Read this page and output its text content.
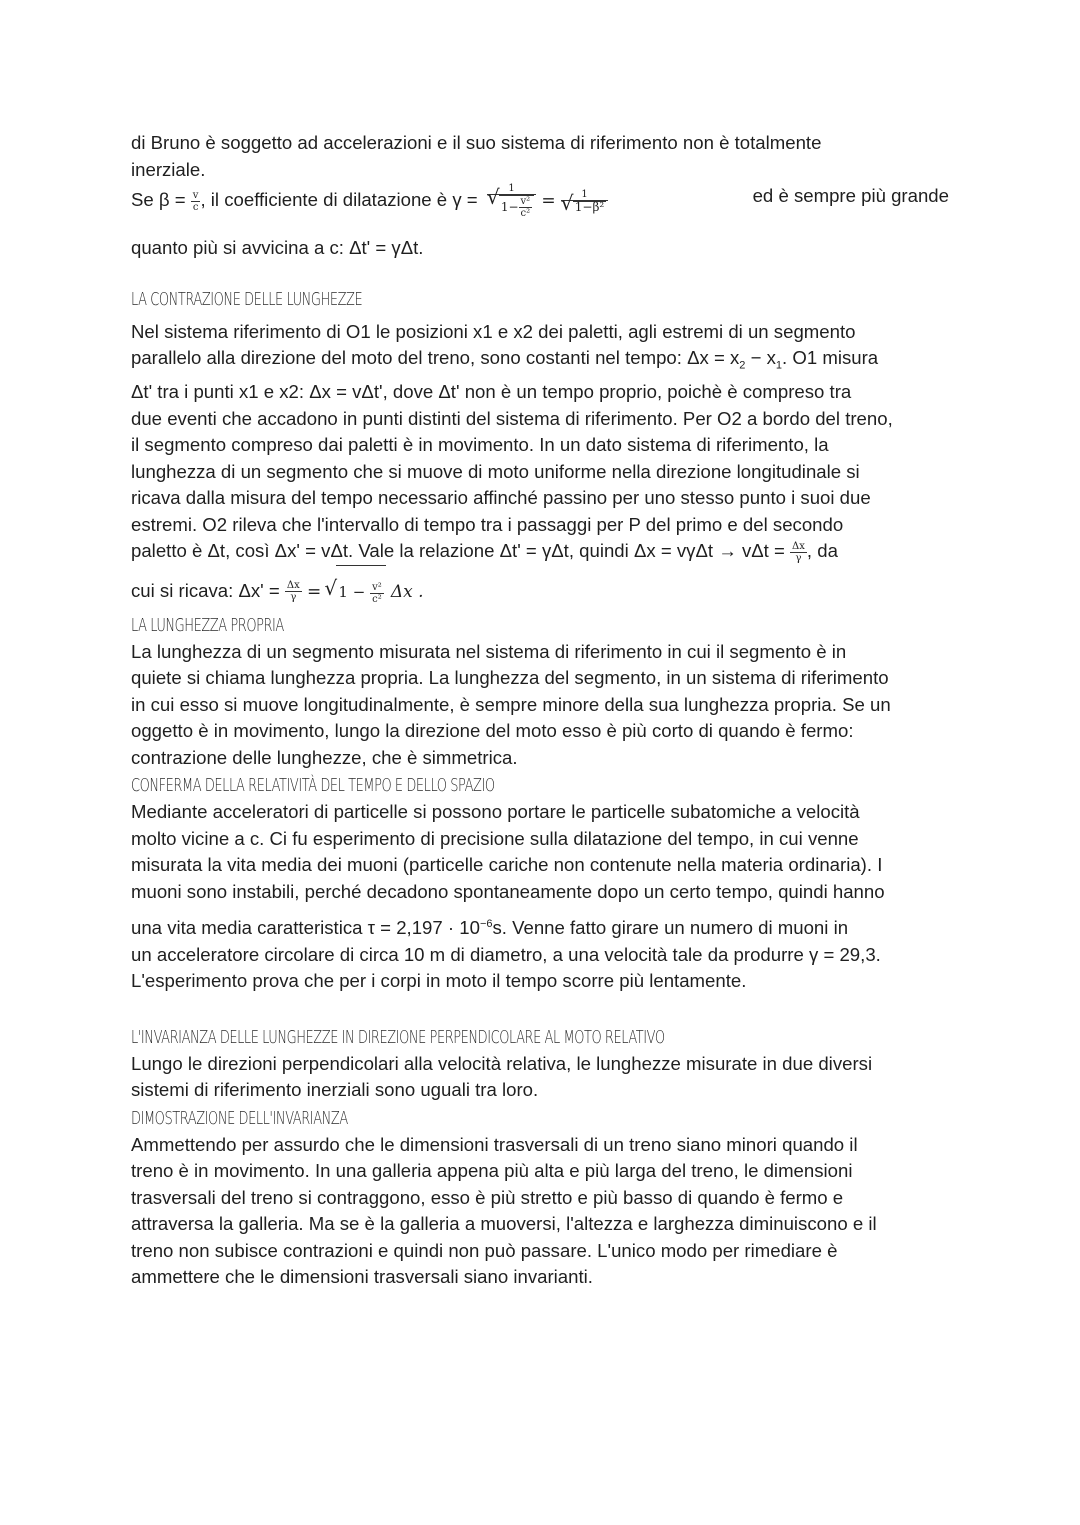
di Bruno è soggetto ad accelerazioni e il suo sistema di riferimento non è totalmente
inerziale.

Se $\beta = \frac{v}{c}$ , il coefficiente di dilatazione è γ = 1
√ $1- \frac{\text{v²}}{\text{c²}} = 1$
√ 1−β²	ed è sempre più grande

quanto più si avvicina a c: Δt' = γΔt.

LA CONTRAZIONE DELLE LUNGHEZZE

Nel sistema riferimento di O1 le posizioni x1 e x2 dei paletti, agli estremi di un segmento
parallelo alla direzione del moto del treno, sono costanti nel tempo: $\Delta x = x_2 - x_1$. O1 misura
Δt' tra i punti x1 e x2: Δx = vΔt', dove Δt' non è un tempo proprio, poichè è compreso tra
due eventi che accadono in punti distinti del sistema di riferimento. Per O2 a bordo del treno,
il segmento compreso dai paletti è in movimento. In un dato sistema di riferimento, la
lunghezza di un segmento che si muove di moto uniforme nella direzione longitudinale si
ricava dalla misura del tempo necessario affinché passino per uno stesso punto i suoi due
estremi. O2 rileva che l'intervallo di tempo tra i passaggi per P del primo e del secondo
paletto è Δt, così Δx' = vΔt. Vale la relazione Δt' = γΔt, quindi $\Delta x = v\gamma\Delta t \to v\Delta t = \frac{\Delta x}{\gamma}$ , da

cui si ricava: $\Delta x' = \frac{\Delta x}{\gamma}$ = √ $1 - \frac{\text{v²}}{\text{c²}}$ Δx .
LA LUNGHEZZA PROPRIA

La lunghezza di un segmento misurata nel sistema di riferimento in cui il segmento è in
quiete si chiama lunghezza propria. La lunghezza del segmento, in un sistema di riferimento
in cui esso si muove longitudinalmente, è sempre minore della sua lunghezza propria. Se un
oggetto è in movimento, lungo la direzione del moto esso è più corto di quando è fermo:
contrazione delle lunghezze, che è simmetrica.

CONFERMA DELLA RELATIVITÀ DEL TEMPO E DELLO SPAZIO

Mediante acceleratori di particelle si possono portare le particelle subatomiche a velocità
molto vicine a c. Ci fu esperimento di precisione sulla dilatazione del tempo, in cui venne
misurata la vita media dei muoni (particelle cariche non contenute nella materia ordinaria). I
muoni sono instabili, perché decadono spontaneamente dopo un certo tempo, quindi hanno
una vita media caratteristica $\tau = 2,197 \cdot 10^{-6}s$. Venne fatto girare un numero di muoni in
un acceleratore circolare di circa 10 m di diametro, a una velocità tale da produrre γ = 29,3.
L'esperimento prova che per i corpi in moto il tempo scorre più lentamente.

L'INVARIANZA DELLE LUNGHEZZE IN DIREZIONE PERPENDICOLARE AL MOTO RELATIVO

Lungo le direzioni perpendicolari alla velocità relativa, le lunghezze misurate in due diversi
sistemi di riferimento inerziali sono uguali tra loro.

DIMOSTRAZIONE DELL'INVARIANZA

Ammettendo per assurdo che le dimensioni trasversali di un treno siano minori quando il
treno è in movimento. In una galleria appena più alta e più larga del treno, le dimensioni
trasversali del treno si contraggono, esso è più stretto e più basso di quando è fermo e
attraversa la galleria. Ma se è la galleria a muoversi, l'altezza e larghezza diminuiscono e il
treno non subisce contrazioni e quindi non può passare. L'unico modo per rimediare è
ammettere che le dimensioni trasversali siano invarianti.
